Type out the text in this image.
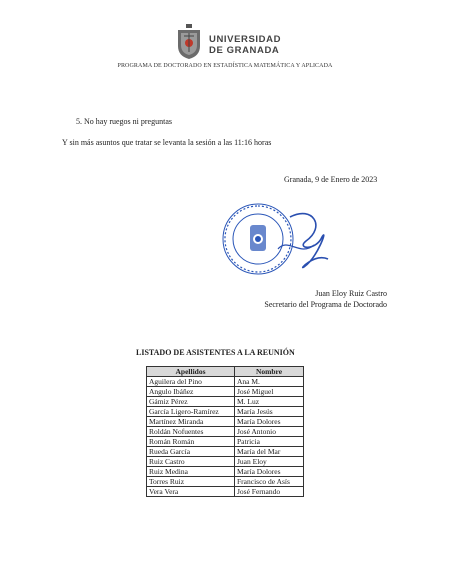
UNIVERSIDAD
DE GRANADA
PROGRAMA DE DOCTORADO EN ESTADÍSTICA MATEMÁTICA Y APLICADA
5. No hay ruegos ni preguntas
Y sin más asuntos que tratar se levanta la sesión a las 11:16 horas
Granada, 9 de Enero de 2023
Juan Eloy Ruiz Castro
Secretario del Programa de Doctorado
LISTADO DE ASISTENTES A LA REUNIÓN
Apellidos	Nombre
Aguilera del Pino	Ana M.
Angulo Ibáñez	José Miguel
Gámiz Pérez	M. Luz
García Ligero-Ramírez	María Jesús
Martínez Miranda	María Dolores
Roldán Nofuentes	José Antonio
Román Román	Patricia
Rueda García	María del Mar
Ruiz Castro	Juan Eloy
Ruiz Medina	María Dolores
Torres Ruiz	Francisco de Asís
Vera Vera	José Fernando
